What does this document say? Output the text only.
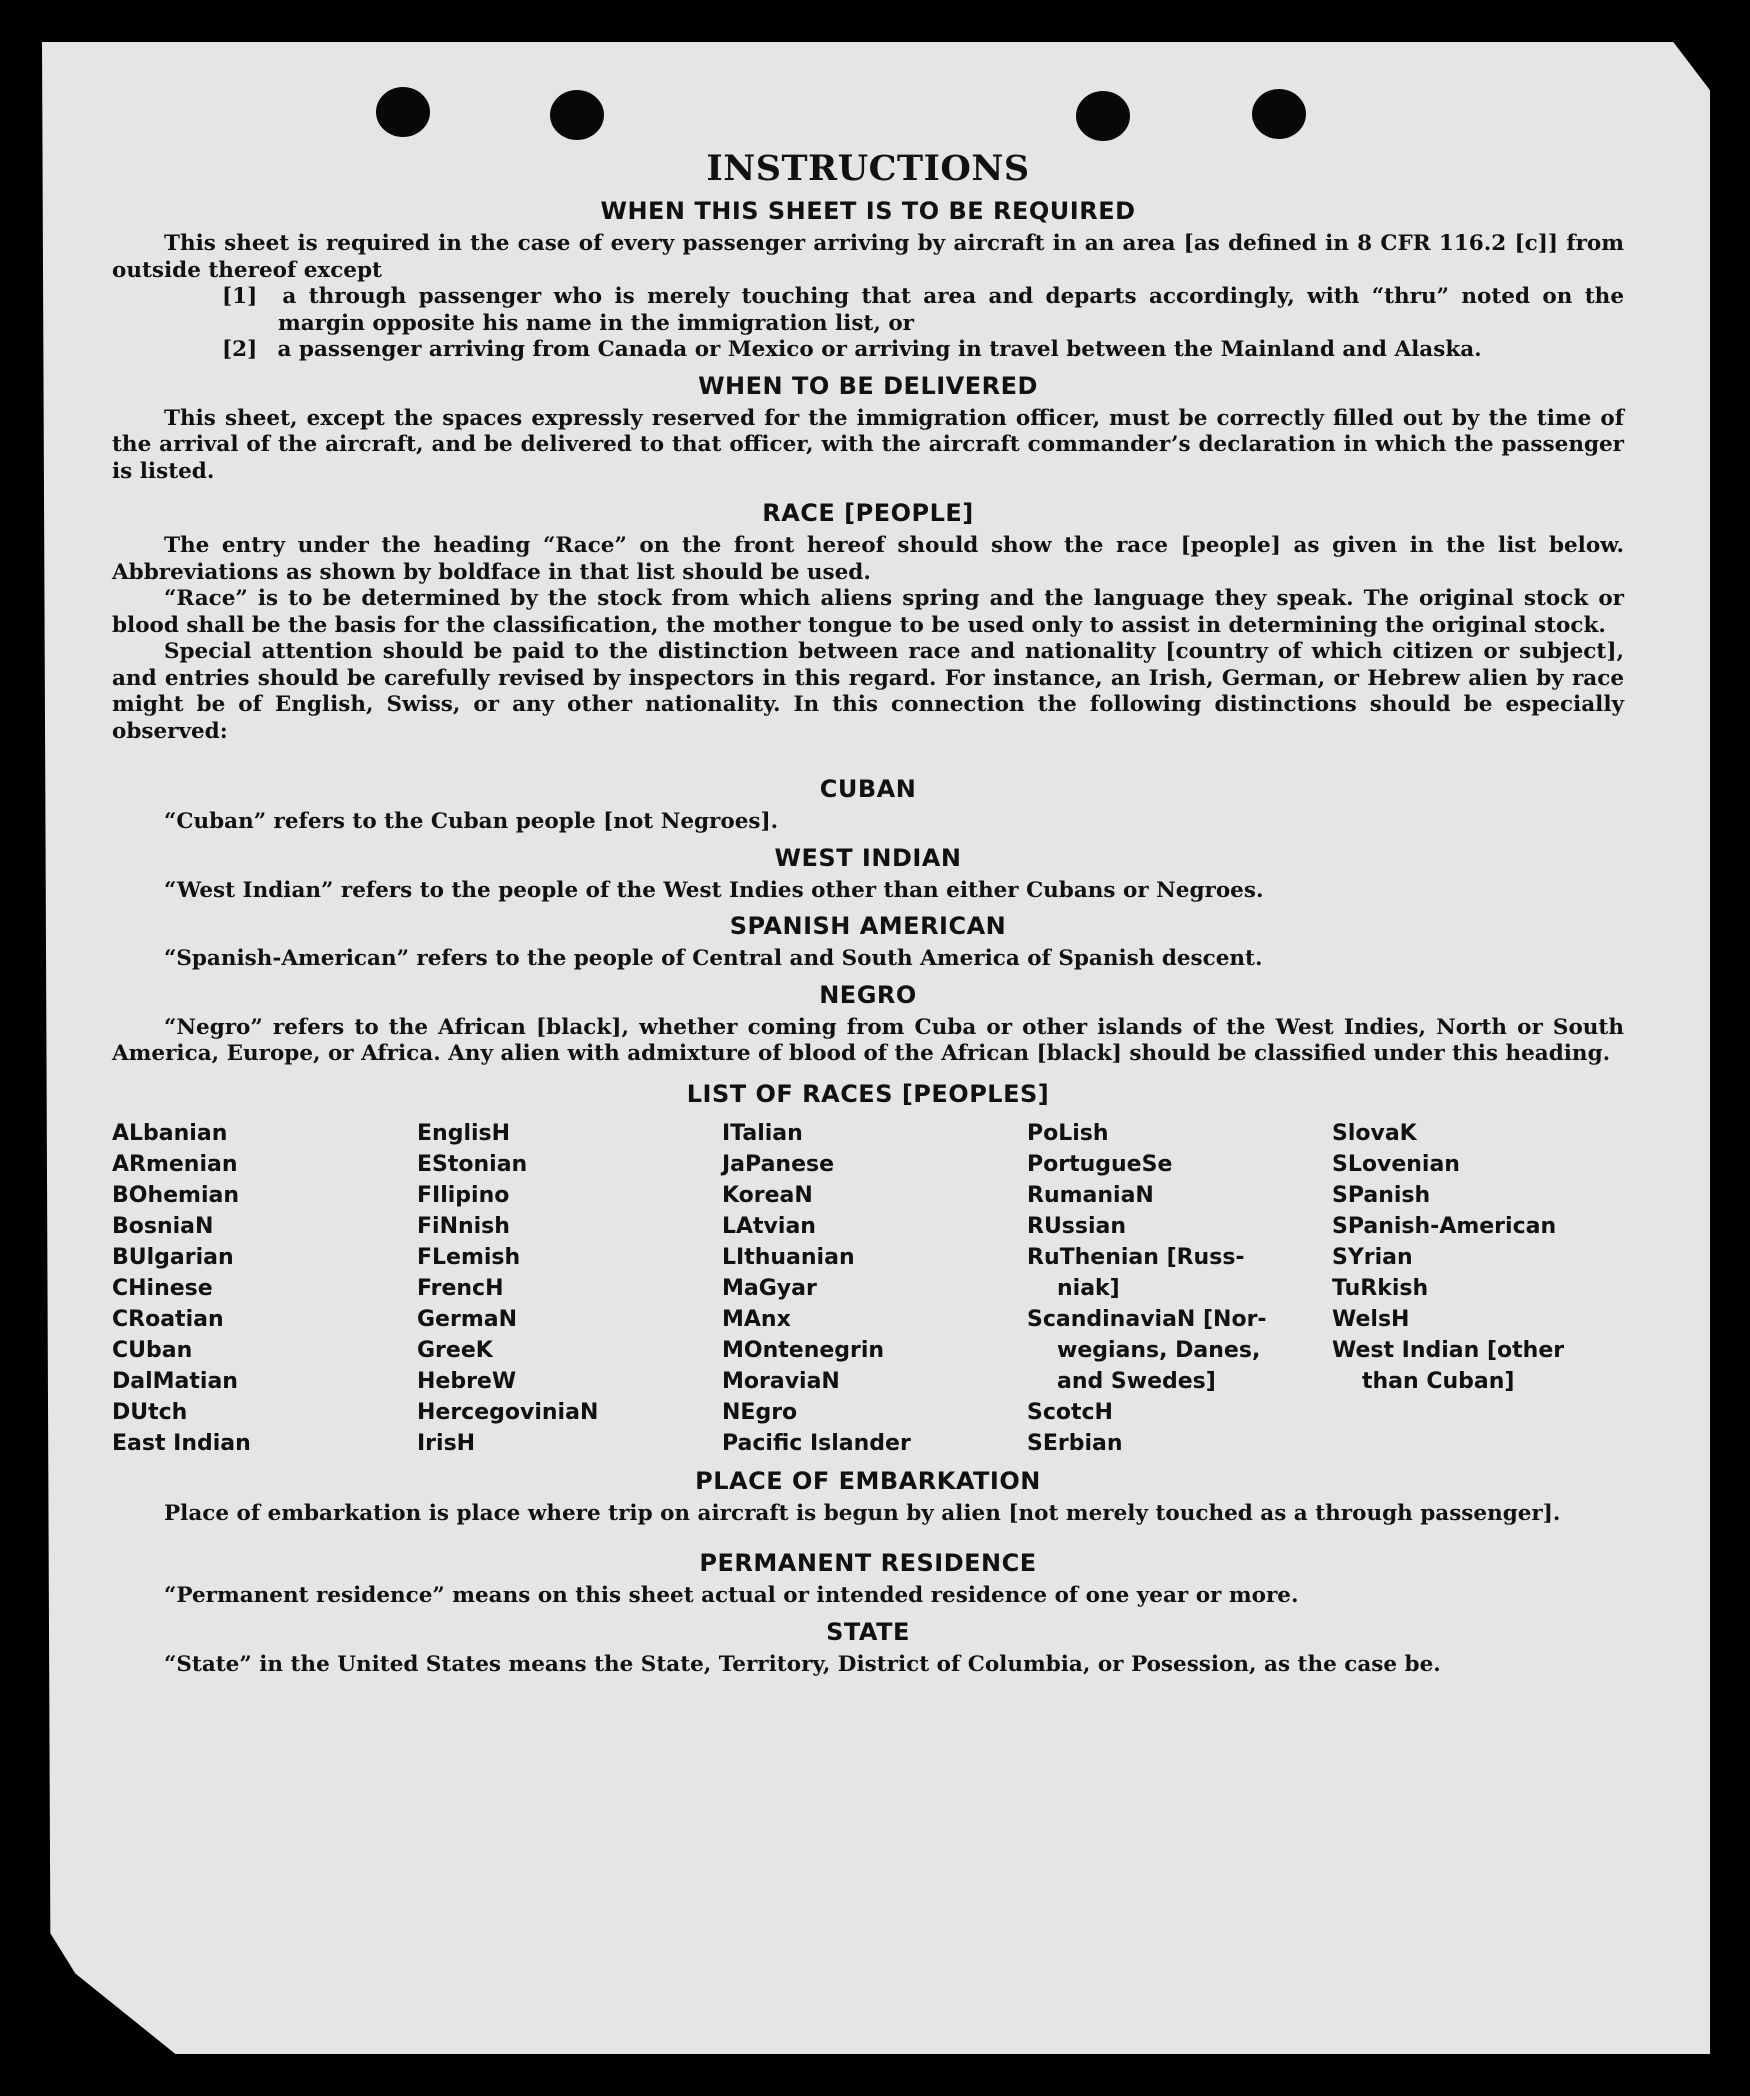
INSTRUCTIONS
WHEN THIS SHEET IS TO BE REQUIRED

This sheet is required in the case of every passenger arriving by aircraft in an area [as defined in 8 CFR 116.2 [c]] from outside thereof except

[1] a through passenger who is merely touching that area and departs accordingly, with “thru” noted on the margin opposite his name in the immigration list, or
[2] a passenger arriving from Canada or Mexico or arriving in travel between the Mainland and Alaska.
WHEN TO BE DELIVERED

This sheet, except the spaces expressly reserved for the immigration officer, must be correctly filled out by the time of the arrival of the aircraft, and be delivered to that officer, with the aircraft commander’s declaration in which the passenger is listed.

RACE [PEOPLE]

The entry under the heading “Race” on the front hereof should show the race [people] as given in the list below. Abbreviations as shown by boldface in that list should be used.

“Race” is to be determined by the stock from which aliens spring and the language they speak. The original stock or blood shall be the basis for the classification, the mother tongue to be used only to assist in determining the original stock.

Special attention should be paid to the distinction between race and nationality [country of which citizen or subject], and entries should be carefully revised by inspectors in this regard. For instance, an Irish, German, or Hebrew alien by race might be of English, Swiss, or any other nationality. In this connection the following distinctions should be especially observed:

CUBAN

“Cuban” refers to the Cuban people [not Negroes].

WEST INDIAN

“West Indian” refers to the people of the West Indies other than either Cubans or Negroes.

SPANISH AMERICAN

“Spanish-American” refers to the people of Central and South America of Spanish descent.

NEGRO

“Negro” refers to the African [black], whether coming from Cuba or other islands of the West Indies, North or South America, Europe, or Africa. Any alien with admixture of blood of the African [black] should be classified under this heading.

LIST OF RACES [PEOPLES]
ALbanian
ARmenian
BOhemian
BosniaN
BUlgarian
CHinese
CRoatian
CUban
DalMatian
DUtch
East Indian
EnglisH
EStonian
FIlipino
FiNnish
FLemish
FrencH
GermaN
GreeK
HebreW
HercegoviniaN
IrisH
ITalian
JaPanese
KoreaN
LAtvian
LIthuanian
MaGyar
MAnx
MOntenegrin
MoraviaN
NEgro
Pacific Islander
PoLish
PortugueSe
RumaniaN
RUssian
RuThenian [Russ-
niak]
ScandinaviaN [Nor-
wegians, Danes,
and Swedes]
ScotcH
SErbian
SlovaK
SLovenian
SPanish
SPanish-American
SYrian
TuRkish
WelsH
West Indian [other
than Cuban]
PLACE OF EMBARKATION

Place of embarkation is place where trip on aircraft is begun by alien [not merely touched as a through passenger].

PERMANENT RESIDENCE

“Permanent residence” means on this sheet actual or intended residence of one year or more.

STATE

“State” in the United States means the State, Territory, District of Columbia, or Posession, as the case be.
